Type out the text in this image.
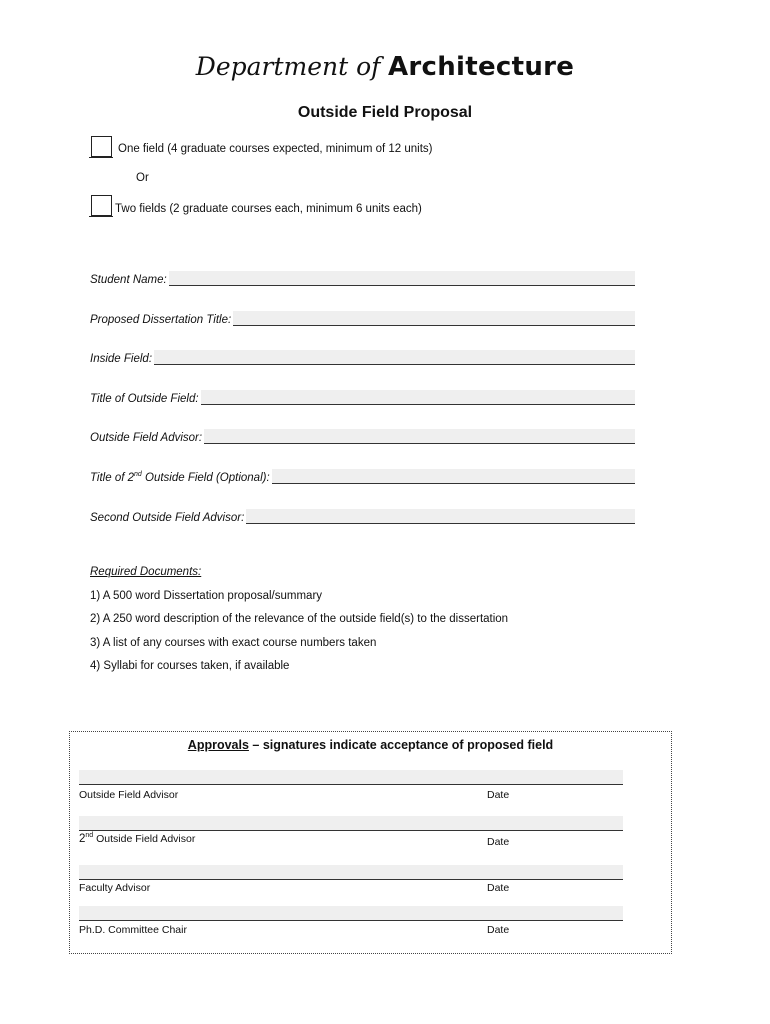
Department of Architecture
Outside Field Proposal
One field (4 graduate courses expected, minimum of 12 units)
Or
Two fields (2 graduate courses each, minimum 6 units each)
Student Name:
Proposed Dissertation Title:
Inside Field:
Title of Outside Field:
Outside Field Advisor:
Title of 2nd Outside Field (Optional):
Second Outside Field Advisor:
Required Documents:
1) A 500 word Dissertation proposal/summary
2) A 250 word description of the relevance of the outside field(s) to the dissertation
3) A list of any courses with exact course numbers taken
4) Syllabi for courses taken, if available
Approvals – signatures indicate acceptance of proposed field
Outside Field Advisor	Date
2nd Outside Field Advisor	Date
Faculty Advisor	Date
Ph.D. Committee Chair	Date
